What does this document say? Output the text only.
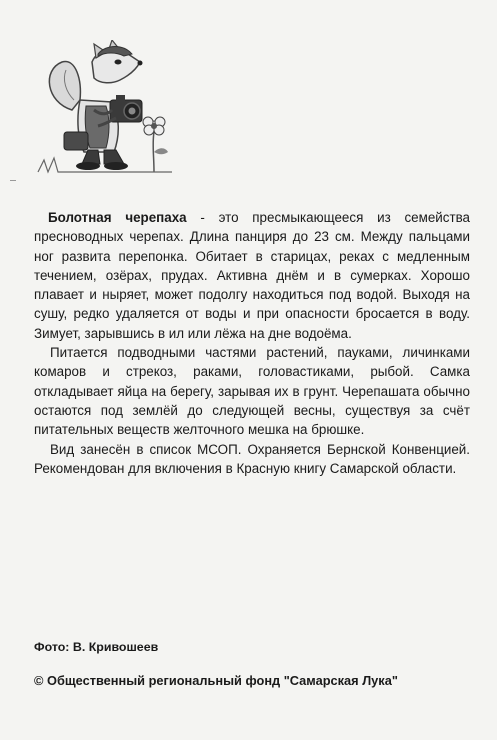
Болотная черепаха - это пресмыкающееся из семейства пресноводных черепах. Длина панциря до 23 см. Между пальцами ног развита перепонка. Обитает в старицах, реках с медленным течением, озёрах, прудах. Активна днём и в сумерках. Хорошо плавает и ныряет, может подолгу находиться под водой. Выходя на сушу, редко удаляется от воды и при опасности бросается в воду. Зимует, зарывшись в ил или лёжа на дне водоёма.

Питается подводными частями растений, пауками, личинками комаров и стрекоз, раками, головастиками, рыбой. Самка откладывает яйца на берегу, зарывая их в грунт. Черепашата обычно остаются под землёй до следующей весны, существуя за счёт питательных веществ желточного мешка на брюшке.

Вид занесён в список МСОП. Охраняется Бернской Конвенцией. Рекомендован для включения в Красную книгу Самарской области.

Фото: В. Кривошеев
© Общественный региональный фонд "Самарская Лука"
